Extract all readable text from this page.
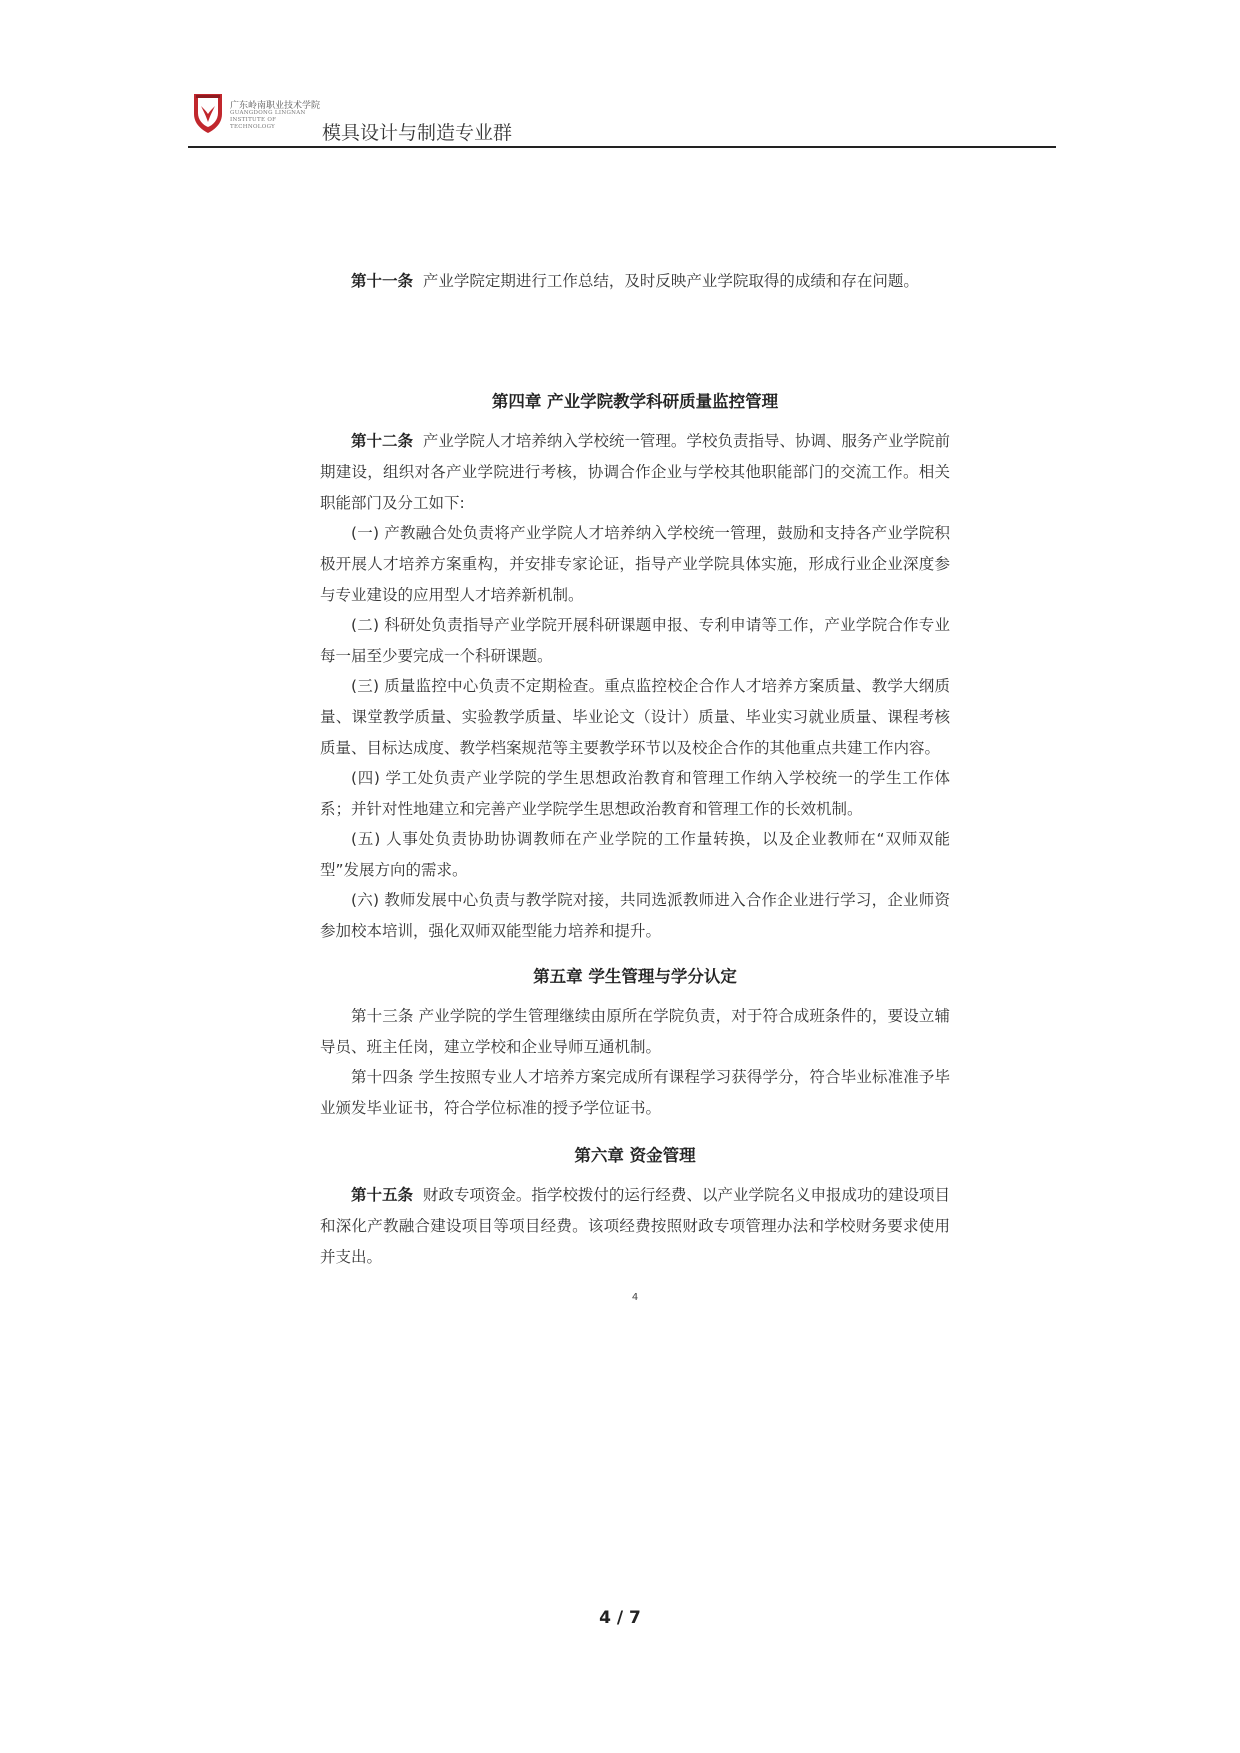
广东岭南职业技术学院
GUANGDONG LINGNAN INSTITUTE OF TECHNOLOGY	模具设计与制造专业群

第十一条 产业学院定期进行工作总结，及时反映产业学院取得的成绩和存在问题。

第四章 产业学院教学科研质量监控管理

第十二条 产业学院人才培养纳入学校统一管理。学校负责指导、协调、服务产业学院前期建设，组织对各产业学院进行考核，协调合作企业与学校其他职能部门的交流工作。相关职能部门及分工如下:

(一) 产教融合处负责将产业学院人才培养纳入学校统一管理，鼓励和支持各产业学院积极开展人才培养方案重构，并安排专家论证，指导产业学院具体实施，形成行业企业深度参与专业建设的应用型人才培养新机制。

(二) 科研处负责指导产业学院开展科研课题申报、专利申请等工作，产业学院合作专业每一届至少要完成一个科研课题。

(三) 质量监控中心负责不定期检查。重点监控校企合作人才培养方案质量、教学大纲质量、课堂教学质量、实验教学质量、毕业论文（设计）质量、毕业实习就业质量、课程考核质量、目标达成度、教学档案规范等主要教学环节以及校企合作的其他重点共建工作内容。

(四) 学工处负责产业学院的学生思想政治教育和管理工作纳入学校统一的学生工作体系；并针对性地建立和完善产业学院学生思想政治教育和管理工作的长效机制。

(五) 人事处负责协助协调教师在产业学院的工作量转换，以及企业教师在“双师双能型”发展方向的需求。

(六) 教师发展中心负责与教学院对接，共同选派教师进入合作企业进行学习，企业师资参加校本培训，强化双师双能型能力培养和提升。

第五章 学生管理与学分认定

第十三条 产业学院的学生管理继续由原所在学院负责，对于符合成班条件的，要设立辅导员、班主任岗，建立学校和企业导师互通机制。

第十四条 学生按照专业人才培养方案完成所有课程学习获得学分，符合毕业标准准予毕业颁发毕业证书，符合学位标准的授予学位证书。

第六章 资金管理

第十五条 财政专项资金。指学校拨付的运行经费、以产业学院名义申报成功的建设项目和深化产教融合建设项目等项目经费。该项经费按照财政专项管理办法和学校财务要求使用并支出。

4
4 / 7
